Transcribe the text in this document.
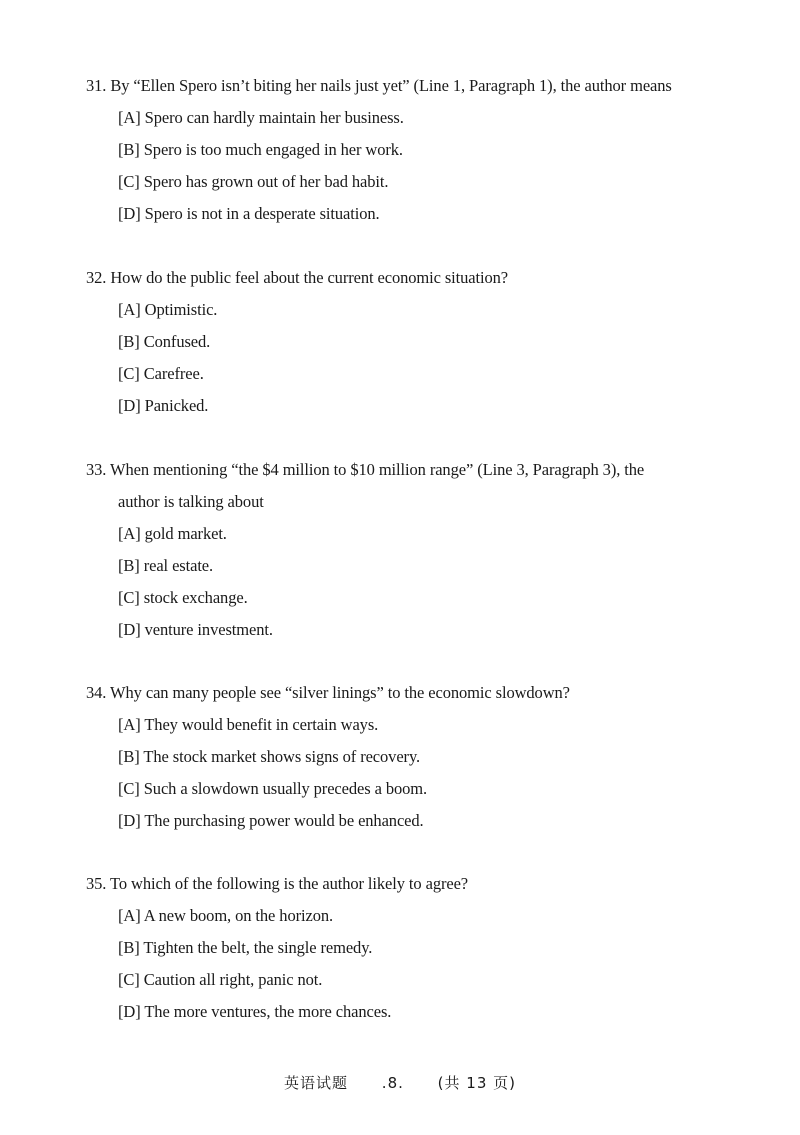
31. By “Ellen Spero isn’t biting her nails just yet” (Line 1, Paragraph 1), the author means

[A] Spero can hardly maintain her business.

[B] Spero is too much engaged in her work.

[C] Spero has grown out of her bad habit.

[D] Spero is not in a desperate situation.

32. How do the public feel about the current economic situation?

[A] Optimistic.

[B] Confused.

[C] Carefree.

[D] Panicked.

33. When mentioning “the $4 million to $10 million range” (Line 3, Paragraph 3), the

author is talking about

[A] gold market.

[B] real estate.

[C] stock exchange.

[D] venture investment.

34. Why can many people see “silver linings” to the economic slowdown?

[A] They would benefit in certain ways.

[B] The stock market shows signs of recovery.

[C] Such a slowdown usually precedes a boom.

[D] The purchasing power would be enhanced.

35. To which of the following is the author likely to agree?

[A] A new boom, on the horizon.

[B] Tighten the belt, the single remedy.

[C] Caution all right, panic not.

[D] The more ventures, the more chances.

英语试题 .8. (共 13 页)
